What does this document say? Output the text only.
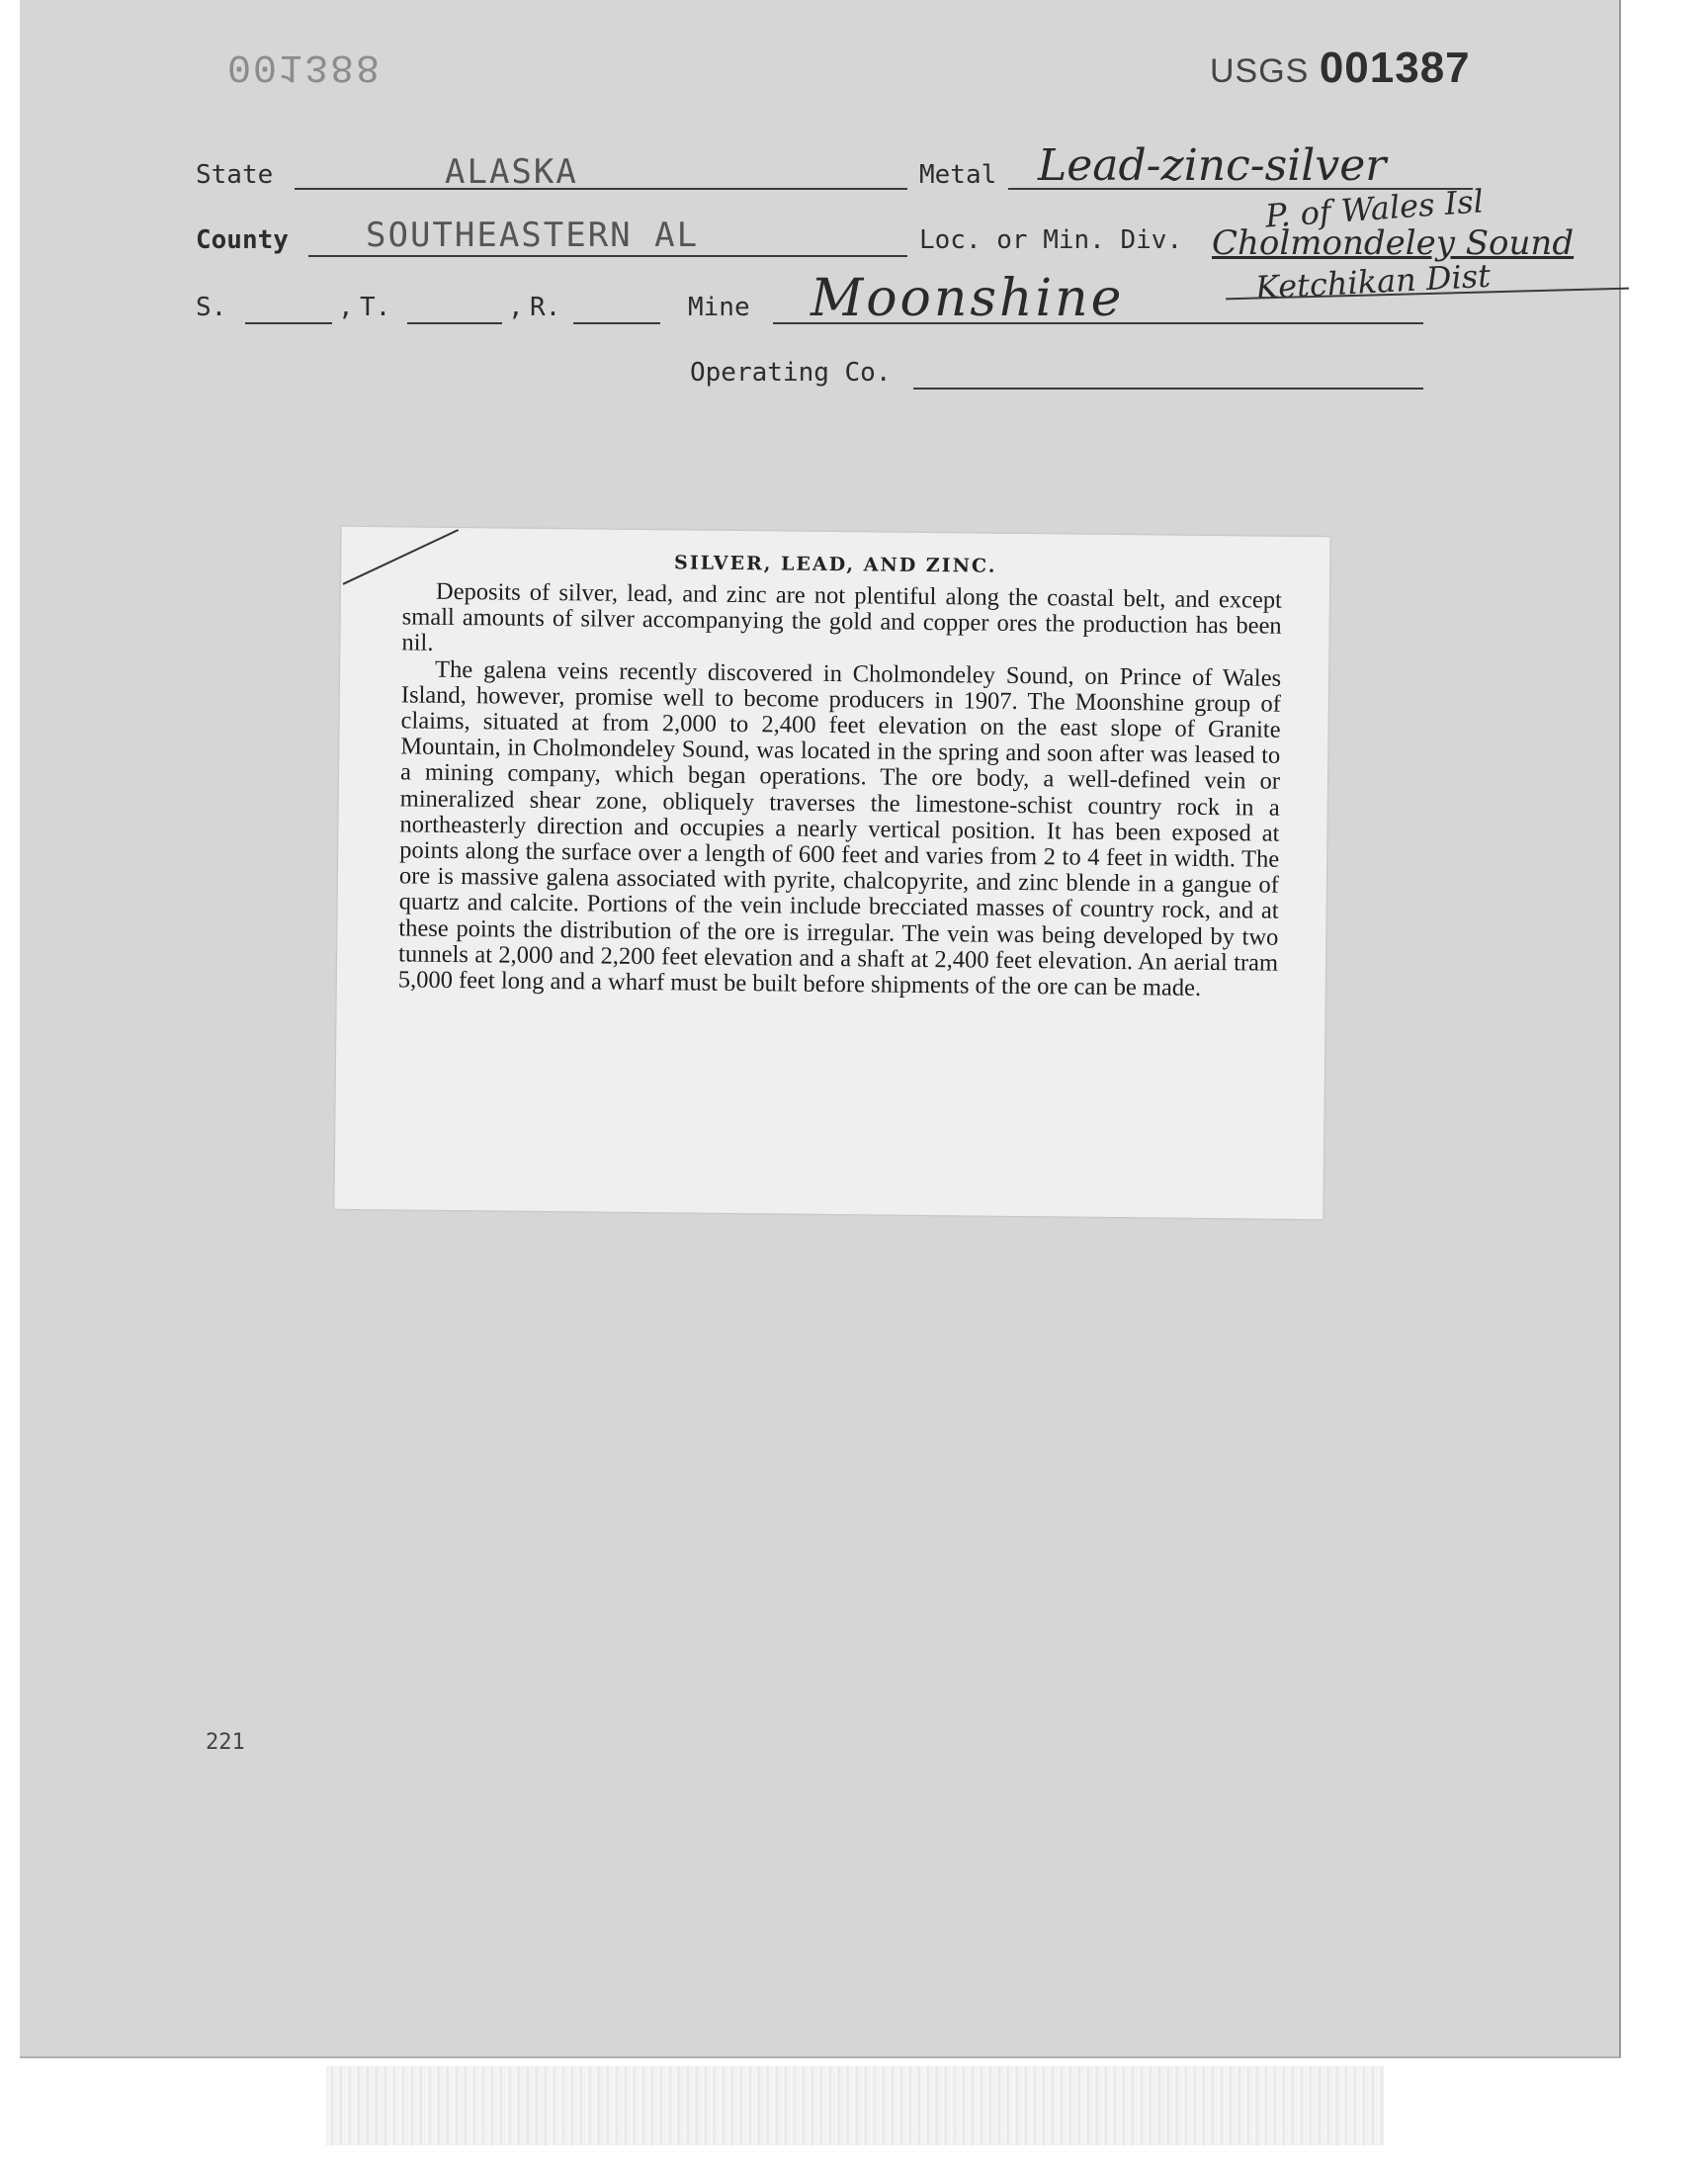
001388	USGS 001387
State	ALASKA	Metal Lead-zinc-silver
County SOUTHEASTERN AL	Loc. or Min. Div.
P. of Wales Isl
Cholmondeley Sound
Ketchikan Dist
S.	, T.	, R.	Mine Moonshine
Operating Co.
SILVER, LEAD, AND ZINC.

Deposits of silver, lead, and zinc are not plentiful along the coastal belt, and except small amounts of silver accompanying the gold and copper ores the production has been nil.

The galena veins recently discovered in Cholmondeley Sound, on Prince of Wales Island, however, promise well to become producers in 1907. The Moonshine group of claims, situated at from 2,000 to 2,400 feet elevation on the east slope of Granite Mountain, in Cholmondeley Sound, was located in the spring and soon after was leased to a mining company, which began operations. The ore body, a well-defined vein or mineralized shear zone, obliquely traverses the limestone-schist country rock in a northeasterly direction and occupies a nearly vertical position. It has been exposed at points along the surface over a length of 600 feet and varies from 2 to 4 feet in width. The ore is massive galena associated with pyrite, chalcopyrite, and zinc blende in a gangue of quartz and calcite. Portions of the vein include brecciated masses of country rock, and at these points the distribution of the ore is irregular. The vein was being developed by two tunnels at 2,000 and 2,200 feet elevation and a shaft at 2,400 feet elevation. An aerial tram 5,000 feet long and a wharf must be built before shipments of the ore can be made.

221
